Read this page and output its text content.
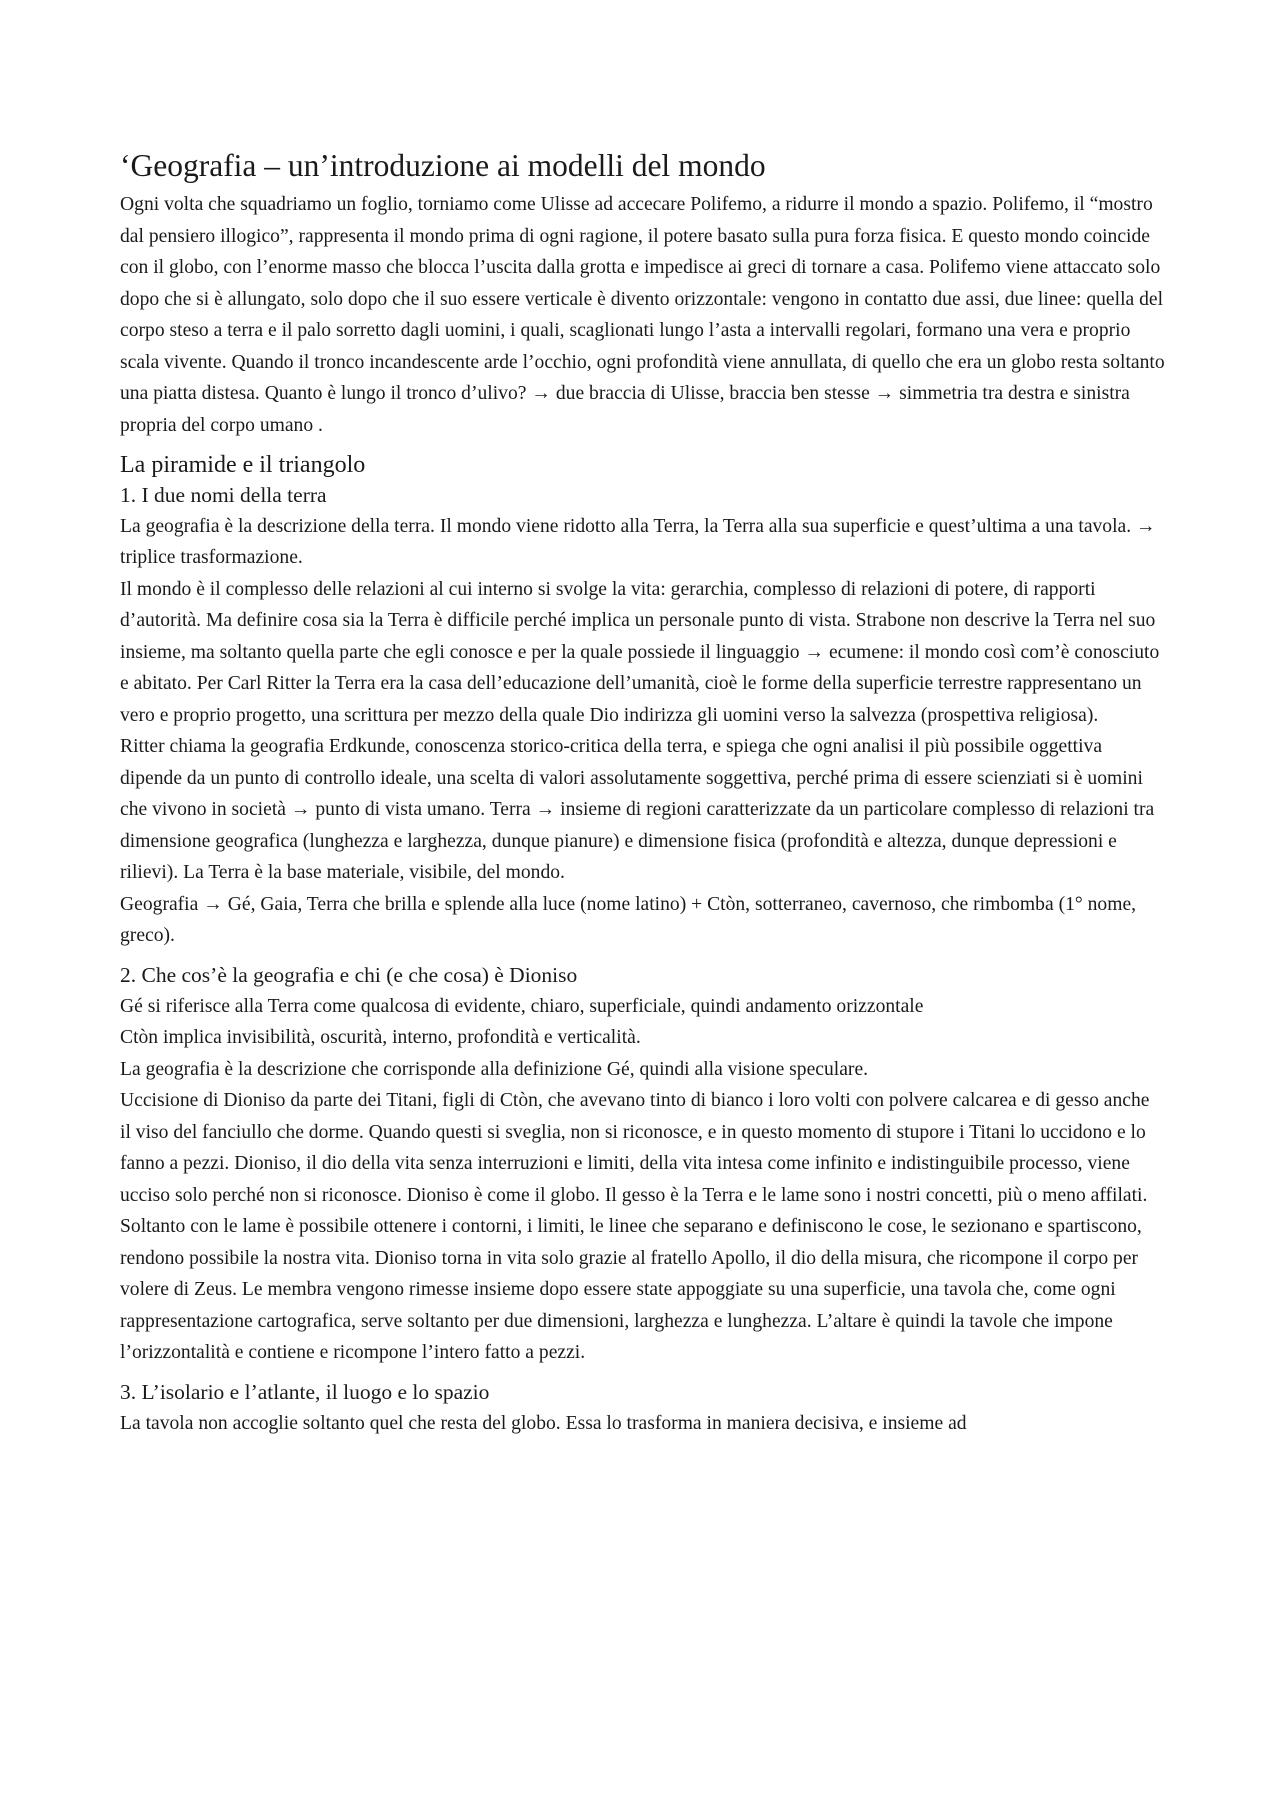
‘Geografia – un’introduzione ai modelli del mondo

Ogni volta che squadriamo un foglio, torniamo come Ulisse ad accecare Polifemo, a ridurre il mondo a spazio. Polifemo, il “mostro dal pensiero illogico”, rappresenta il mondo prima di ogni ragione, il potere basato sulla pura forza fisica. E questo mondo coincide con il globo, con l’enorme masso che blocca l’uscita dalla grotta e impedisce ai greci di tornare a casa. Polifemo viene attaccato solo dopo che si è allungato, solo dopo che il suo essere verticale è divento orizzontale: vengono in contatto due assi, due linee: quella del corpo steso a terra e il palo sorretto dagli uomini, i quali, scaglionati lungo l’asta a intervalli regolari, formano una vera e proprio scala vivente. Quando il tronco incandescente arde l’occhio, ogni profondità viene annullata, di quello che era un globo resta soltanto una piatta distesa. Quanto è lungo il tronco d’ulivo? → due braccia di Ulisse, braccia ben stesse → simmetria tra destra e sinistra propria del corpo umano .

La piramide e il triangolo
1. I due nomi della terra

La geografia è la descrizione della terra. Il mondo viene ridotto alla Terra, la Terra alla sua superficie e quest’ultima a una tavola. → triplice trasformazione.

Il mondo è il complesso delle relazioni al cui interno si svolge la vita: gerarchia, complesso di relazioni di potere, di rapporti d’autorità. Ma definire cosa sia la Terra è difficile perché implica un personale punto di vista. Strabone non descrive la Terra nel suo insieme, ma soltanto quella parte che egli conosce e per la quale possiede il linguaggio → ecumene: il mondo così com’è conosciuto e abitato. Per Carl Ritter la Terra era la casa dell’educazione dell’umanità, cioè le forme della superficie terrestre rappresentano un vero e proprio progetto, una scrittura per mezzo della quale Dio indirizza gli uomini verso la salvezza (prospettiva religiosa).

Ritter chiama la geografia Erdkunde, conoscenza storico-critica della terra, e spiega che ogni analisi il più possibile oggettiva dipende da un punto di controllo ideale, una scelta di valori assolutamente soggettiva, perché prima di essere scienziati si è uomini che vivono in società → punto di vista umano. Terra → insieme di regioni caratterizzate da un particolare complesso di relazioni tra dimensione geografica (lunghezza e larghezza, dunque pianure) e dimensione fisica (profondità e altezza, dunque depressioni e rilievi). La Terra è la base materiale, visibile, del mondo.

Geografia → Gé, Gaia, Terra che brilla e splende alla luce (nome latino) + Ctòn, sotterraneo, cavernoso, che rimbomba (1° nome, greco).

2. Che cos’è la geografia e chi (e che cosa) è Dioniso

Gé si riferisce alla Terra come qualcosa di evidente, chiaro, superficiale, quindi andamento orizzontale

Ctòn implica invisibilità, oscurità, interno, profondità e verticalità.

La geografia è la descrizione che corrisponde alla definizione Gé, quindi alla visione speculare.

Uccisione di Dioniso da parte dei Titani, figli di Ctòn, che avevano tinto di bianco i loro volti con polvere calcarea e di gesso anche il viso del fanciullo che dorme. Quando questi si sveglia, non si riconosce, e in questo momento di stupore i Titani lo uccidono e lo fanno a pezzi. Dioniso, il dio della vita senza interruzioni e limiti, della vita intesa come infinito e indistinguibile processo, viene ucciso solo perché non si riconosce. Dioniso è come il globo. Il gesso è la Terra e le lame sono i nostri concetti, più o meno affilati. Soltanto con le lame è possibile ottenere i contorni, i limiti, le linee che separano e definiscono le cose, le sezionano e spartiscono, rendono possibile la nostra vita. Dioniso torna in vita solo grazie al fratello Apollo, il dio della misura, che ricompone il corpo per volere di Zeus. Le membra vengono rimesse insieme dopo essere state appoggiate su una superficie, una tavola che, come ogni rappresentazione cartografica, serve soltanto per due dimensioni, larghezza e lunghezza. L’altare è quindi la tavole che impone l’orizzontalità e contiene e ricompone l’intero fatto a pezzi.

3. L’isolario e l’atlante, il luogo e lo spazio

La tavola non accoglie soltanto quel che resta del globo. Essa lo trasforma in maniera decisiva, e insieme ad
